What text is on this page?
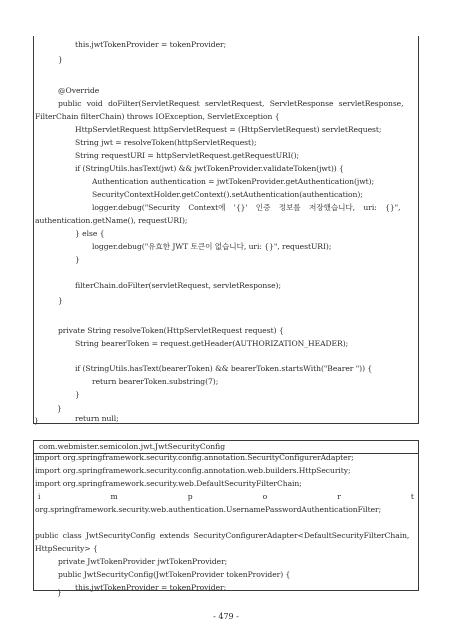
this.jwtTokenProvider = tokenProvider;
}
@Override
public void doFilter(ServletRequest servletRequest, ServletResponse servletResponse,
FilterChain filterChain) throws IOException, ServletException {
HttpServletRequest httpServletRequest = (HttpServletRequest) servletRequest;
String jwt = resolveToken(httpServletRequest);
String requestURI = httpServletRequest.getRequestURI();
if (StringUtils.hasText(jwt) && jwtTokenProvider.validateToken(jwt)) {
Authentication authentication = jwtTokenProvider.getAuthentication(jwt);
SecurityContextHolder.getContext().setAuthentication(authentication);
logger.debug("Security Context에 '{}' 인증 정보를 저장했습니다, uri: {}",
authentication.getName(), requestURI);
} else {
logger.debug("유효한 JWT 토큰이 없습니다, uri: {}", requestURI);
}
filterChain.doFilter(servletRequest, servletResponse);
}
private String resolveToken(HttpServletRequest request) {
String bearerToken = request.getHeader(AUTHORIZATION_HEADER);
if (StringUtils.hasText(bearerToken) && bearerToken.startsWith("Bearer ")) {
return bearerToken.substring(7);
}
return null;
}
}
com.webmister.semicolon.jwt.JwtSecurityConfig
import org.springframework.security.config.annotation.SecurityConfigurerAdapter;
import org.springframework.security.config.annotation.web.builders.HttpSecurity;
import org.springframework.security.web.DefaultSecurityFilterChain;
i	m	p	o	r	t
org.springframework.security.web.authentication.UsernamePasswordAuthenticationFilter;
public class JwtSecurityConfig extends SecurityConfigurerAdapter<DefaultSecurityFilterChain,
HttpSecurity> {
private JwtTokenProvider jwtTokenProvider;
public JwtSecurityConfig(JwtTokenProvider tokenProvider) {
this.jwtTokenProvider = tokenProvider;
}
- 479 -
